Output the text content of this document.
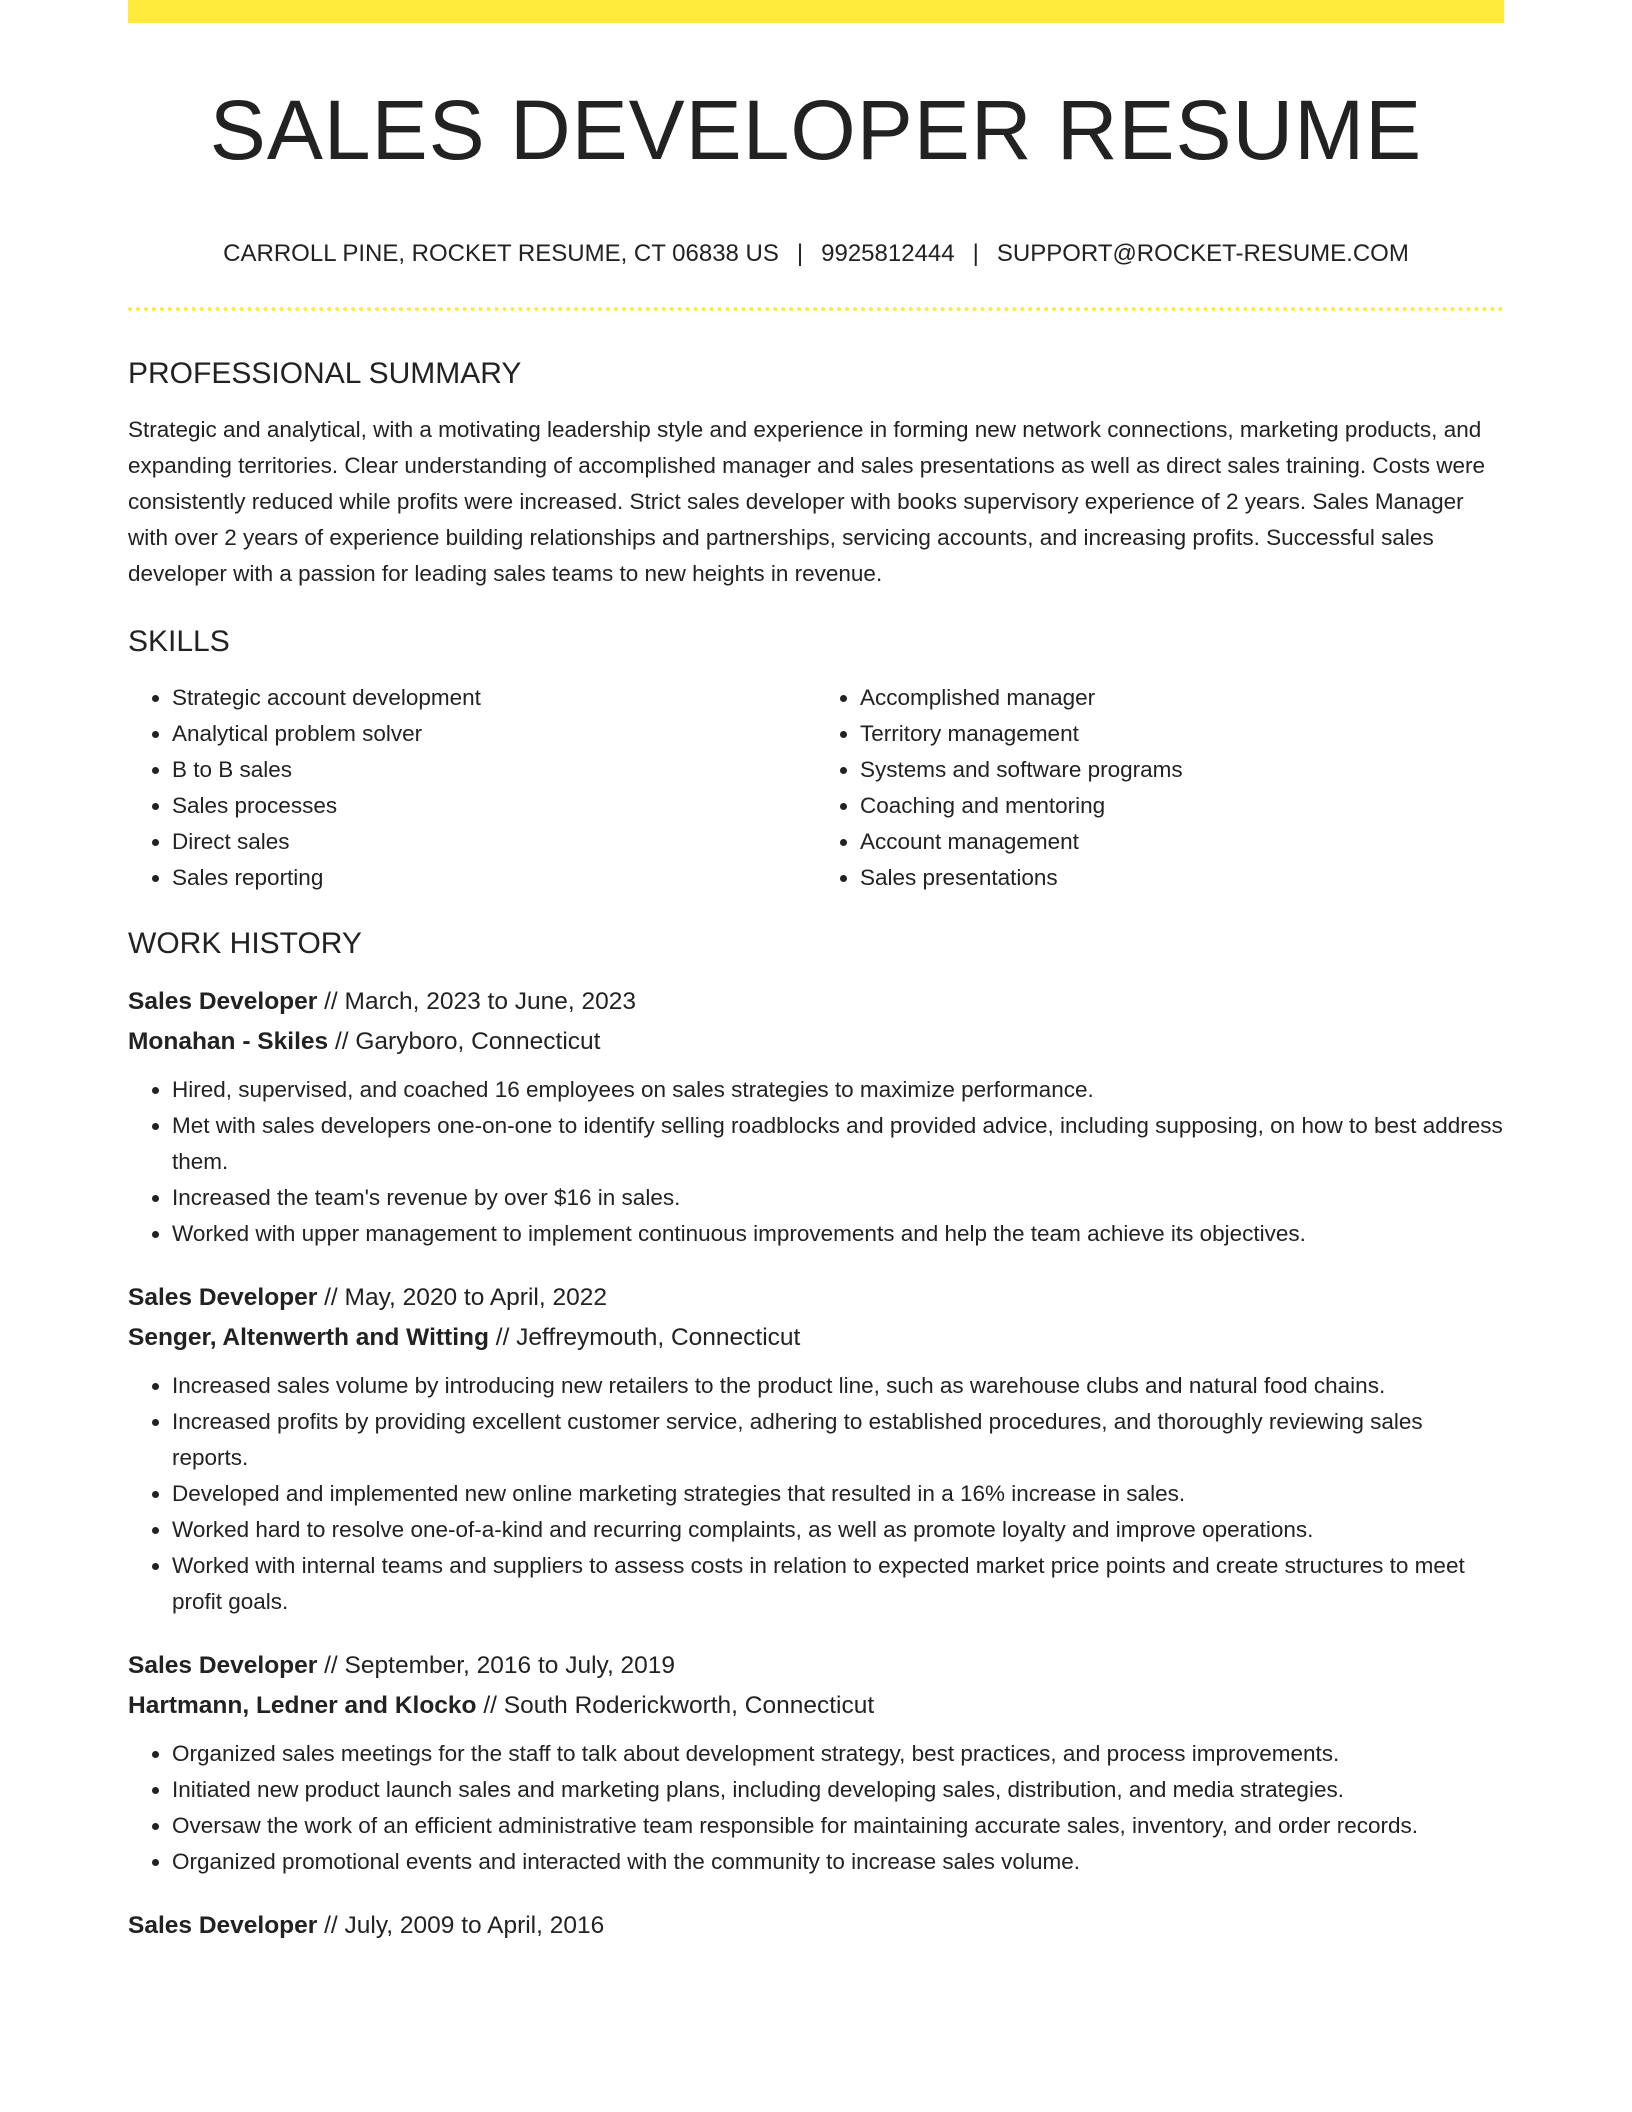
SALES DEVELOPER RESUME
CARROLL PINE, ROCKET RESUME, CT 06838 US | 9925812444 | SUPPORT@ROCKET-RESUME.COM
PROFESSIONAL SUMMARY

Strategic and analytical, with a motivating leadership style and experience in forming new network connections, marketing products, and expanding territories. Clear understanding of accomplished manager and sales presentations as well as direct sales training. Costs were consistently reduced while profits were increased. Strict sales developer with books supervisory experience of 2 years. Sales Manager with over 2 years of experience building relationships and partnerships, servicing accounts, and increasing profits. Successful sales developer with a passion for leading sales teams to new heights in revenue.

SKILLS
• Strategic account development
• Analytical problem solver
• B to B sales
• Sales processes
• Direct sales
• Sales reporting
• Accomplished manager
• Territory management
• Systems and software programs
• Coaching and mentoring
• Account management
• Sales presentations
WORK HISTORY
Sales Developer // March, 2023 to June, 2023
Monahan - Skiles // Garyboro, Connecticut
• Hired, supervised, and coached 16 employees on sales strategies to maximize performance.
• Met with sales developers one-on-one to identify selling roadblocks and provided advice, including supposing, on how to best address them.
• Increased the team's revenue by over $16 in sales.
• Worked with upper management to implement continuous improvements and help the team achieve its objectives.
Sales Developer // May, 2020 to April, 2022
Senger, Altenwerth and Witting // Jeffreymouth, Connecticut
• Increased sales volume by introducing new retailers to the product line, such as warehouse clubs and natural food chains.
• Increased profits by providing excellent customer service, adhering to established procedures, and thoroughly reviewing sales reports.
• Developed and implemented new online marketing strategies that resulted in a 16% increase in sales.
• Worked hard to resolve one-of-a-kind and recurring complaints, as well as promote loyalty and improve operations.
• Worked with internal teams and suppliers to assess costs in relation to expected market price points and create structures to meet profit goals.
Sales Developer // September, 2016 to July, 2019
Hartmann, Ledner and Klocko // South Roderickworth, Connecticut
• Organized sales meetings for the staff to talk about development strategy, best practices, and process improvements.
• Initiated new product launch sales and marketing plans, including developing sales, distribution, and media strategies.
• Oversaw the work of an efficient administrative team responsible for maintaining accurate sales, inventory, and order records.
• Organized promotional events and interacted with the community to increase sales volume.
Sales Developer // July, 2009 to April, 2016
